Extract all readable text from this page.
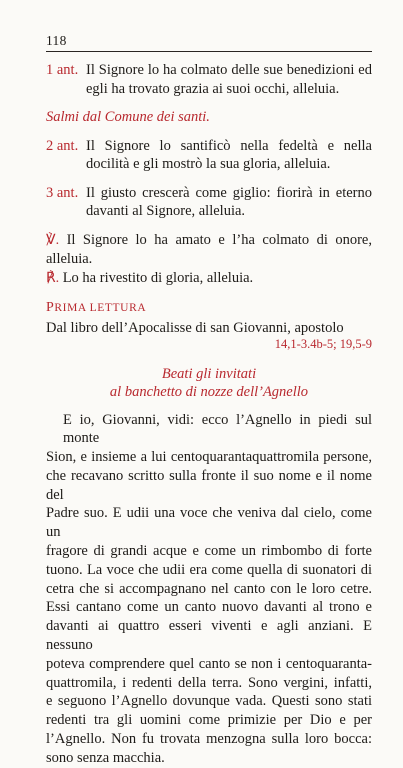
118
1 ant. Il Signore lo ha colmato delle sue benedizioni ed egli ha trovato grazia ai suoi occhi, alleluia.
Salmi dal Comune dei santi.
2 ant. Il Signore lo santificò nella fedeltà e nella docilità e gli mostrò la sua gloria, alleluia.
3 ant. Il giusto crescerà come giglio: fiorirà in eterno davanti al Signore, alleluia.
℣. Il Signore lo ha amato e l’ha colmato di onore, alleluia.
℟. Lo ha rivestito di gloria, alleluia.
PRIMA LETTURA
Dal libro dell’Apocalisse di san Giovanni, apostolo
14,1-3.4b-5; 19,5-9
Beati gli invitati
al banchetto di nozze dell’Agnello
E io, Giovanni, vidi: ecco l’Agnello in piedi sul monte
Sion, e insieme a lui centoquarantaquattromila persone,
che recavano scritto sulla fronte il suo nome e il nome del
Padre suo. E udii una voce che veniva dal cielo, come un
fragore di grandi acque e come un rimbombo di forte
tuono. La voce che udii era come quella di suonatori di
cetra che si accompagnano nel canto con le loro cetre.
Essi cantano come un canto nuovo davanti al trono e
davanti ai quattro esseri viventi e agli anziani. E nessuno
poteva comprendere quel canto se non i centoquaranta-
quattromila, i redenti della terra. Sono vergini, infatti,
e seguono l’Agnello dovunque vada. Questi sono stati
redenti tra gli uomini come primizie per Dio e per
l’Agnello. Non fu trovata menzogna sulla loro bocca:
sono senza macchia.
